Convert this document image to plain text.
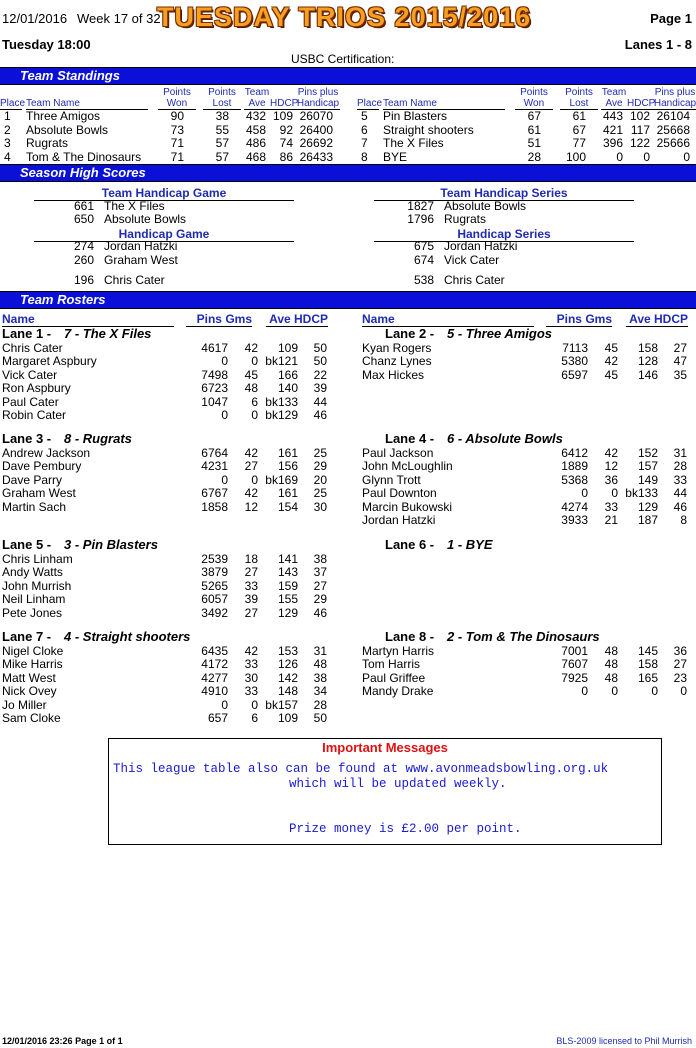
12/01/2016 Week 17 of 32
TUESDAY TRIOS 2015/2016	Page 1
Tuesday 18:00	Lanes 1 - 8
USBC Certification:
Team Standings
Place Team Name
Points
Won
Points
Lost
Team
Ave HDCP
Pins plus
Handicap Place Team Name
Points
Won
Points
Lost
Team
Ave HDCP
Pins plus
Handicap
1	Three Amigos	90	38 432 109 26070
2	Absolute Bowls	73	55 458	92 26400
3	Rugrats	71	57 486	74 26692
4	Tom & The Dinosaurs	71	57 468	86 26433
5	Pin Blasters	67	61 443 102 26104
6	Straight shooters	61	67 421 117 25668
7	The X Files	51	77 396 122 25666
8	BYE	28	100	0	0	0
Season High Scores
Team Handicap Game	Team Handicap Series
Handicap Game	Handicap Series
661 The X Files
650 Absolute Bowls
1827 Absolute Bowls
1796 Rugrats
274 Jordan Hatzki
260 Graham West
196 Chris Cater
675 Jordan Hatzki
674 Vick Cater
538 Chris Cater
Team Rosters
Name	Pins Gms Ave HDCP	Name	Pins Gms Ave HDCP
Lane 1 - 7 - The X Files
Chris Cater	4617	42	109	50
Margaret Aspbury	0	0 bk121	50
Vick Cater	7498	45	166	22
Ron Aspbury	6723	48	140	39
Paul Cater	1047	6 bk133	44
Robin Cater	0	0 bk129	46
Lane 2 - 5 - Three Amigos
Kyan Rogers	7113	45	158	27
Chanz Lynes	5380	42	128	47
Max Hickes	6597	45	146	35
Lane 3 - 8 - Rugrats
Andrew Jackson	6764	42	161	25
Dave Pembury	4231	27	156	29
Dave Parry	0	0 bk169	20
Graham West	6767	42	161	25
Martin Sach	1858	12	154	30
Lane 4 - 6 - Absolute Bowls
Paul Jackson	6412	42	152	31
John McLoughlin	1889	12	157	28
Glynn Trott	5368	36	149	33
Paul Downton	0	0 bk133	44
Marcin Bukowski	4274	33	129	46
Jordan Hatzki	3933	21	187	8
Lane 5 - 3 - Pin Blasters
Chris Linham	2539	18	141	38
Andy Watts	3879	27	143	37
John Murrish	5265	33	159	27
Neil Linham	6057	39	155	29
Pete Jones	3492	27	129	46
Lane 6 - 1 - BYE
Lane 7 - 4 - Straight shooters
Nigel Cloke	6435	42	153	31
Mike Harris	4172	33	126	48
Matt West	4277	30	142	38
Nick Ovey	4910	33	148	34
Jo Miller	0	0 bk157	28
Sam Cloke	657	6	109	50
Lane 8 - 2 - Tom & The Dinosaurs
Martyn Harris	7001	48	145	36
Tom Harris	7607	48	158	27
Paul Griffee	7925	48	165	23
Mandy Drake	0	0	0	0
Important Messages
This league table also can be found at www.avonmeadsbowling.org.uk
which will be updated weekly.
Prize money is £2.00 per point.
12/01/2016 23:26 Page 1 of 1	BLS-2009 licensed to Phil Murrish
